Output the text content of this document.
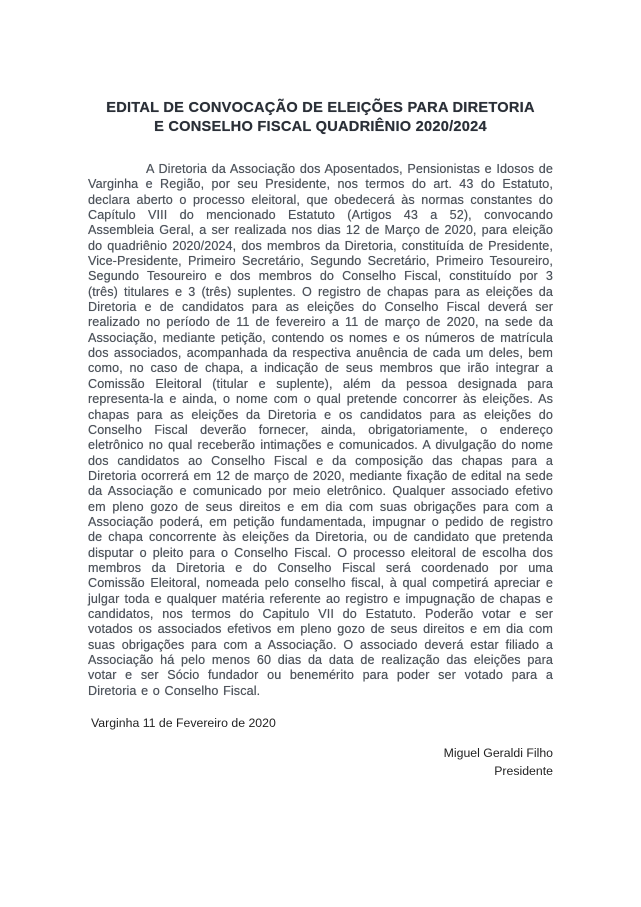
EDITAL DE CONVOCAÇÃO DE ELEIÇÕES PARA DIRETORIA
E CONSELHO FISCAL QUADRIÊNIO 2020/2024

A Diretoria da Associação dos Aposentados, Pensionistas e Idosos de Varginha e Região, por seu Presidente, nos termos do art. 43 do Estatuto, declara aberto o processo eleitoral, que obedecerá às normas constantes do Capítulo VIII do mencionado Estatuto (Artigos 43 a 52), convocando Assembleia Geral, a ser realizada nos dias 12 de Março de 2020, para eleição do quadriênio 2020/2024, dos membros da Diretoria, constituída de Presidente, Vice-Presidente, Primeiro Secretário, Segundo Secretário, Primeiro Tesoureiro, Segundo Tesoureiro e dos membros do Conselho Fiscal, constituído por 3 (três) titulares e 3 (três) suplentes. O registro de chapas para as eleições da Diretoria e de candidatos para as eleições do Conselho Fiscal deverá ser realizado no período de 11 de fevereiro a 11 de março de 2020, na sede da Associação, mediante petição, contendo os nomes e os números de matrícula dos associados, acompanhada da respectiva anuência de cada um deles, bem como, no caso de chapa, a indicação de seus membros que irão integrar a Comissão Eleitoral (titular e suplente), além da pessoa designada para representa-la e ainda, o nome com o qual pretende concorrer às eleições. As chapas para as eleições da Diretoria e os candidatos para as eleições do Conselho Fiscal deverão fornecer, ainda, obrigatoriamente, o endereço eletrônico no qual receberão intimações e comunicados. A divulgação do nome dos candidatos ao Conselho Fiscal e da composição das chapas para a Diretoria ocorrerá em 12 de março de 2020, mediante fixação de edital na sede da Associação e comunicado por meio eletrônico. Qualquer associado efetivo em pleno gozo de seus direitos e em dia com suas obrigações para com a Associação poderá, em petição fundamentada, impugnar o pedido de registro de chapa concorrente às eleições da Diretoria, ou de candidato que pretenda disputar o pleito para o Conselho Fiscal. O processo eleitoral de escolha dos membros da Diretoria e do Conselho Fiscal será coordenado por uma Comissão Eleitoral, nomeada pelo conselho fiscal, à qual competirá apreciar e julgar toda e qualquer matéria referente ao registro e impugnação de chapas e candidatos, nos termos do Capitulo VII do Estatuto. Poderão votar e ser votados os associados efetivos em pleno gozo de seus direitos e em dia com suas obrigações para com a Associação. O associado deverá estar filiado a Associação há pelo menos 60 dias da data de realização das eleições para votar e ser Sócio fundador ou benemérito para poder ser votado para a Diretoria e o Conselho Fiscal.

Varginha 11 de Fevereiro de 2020

Miguel Geraldi Filho
Presidente
